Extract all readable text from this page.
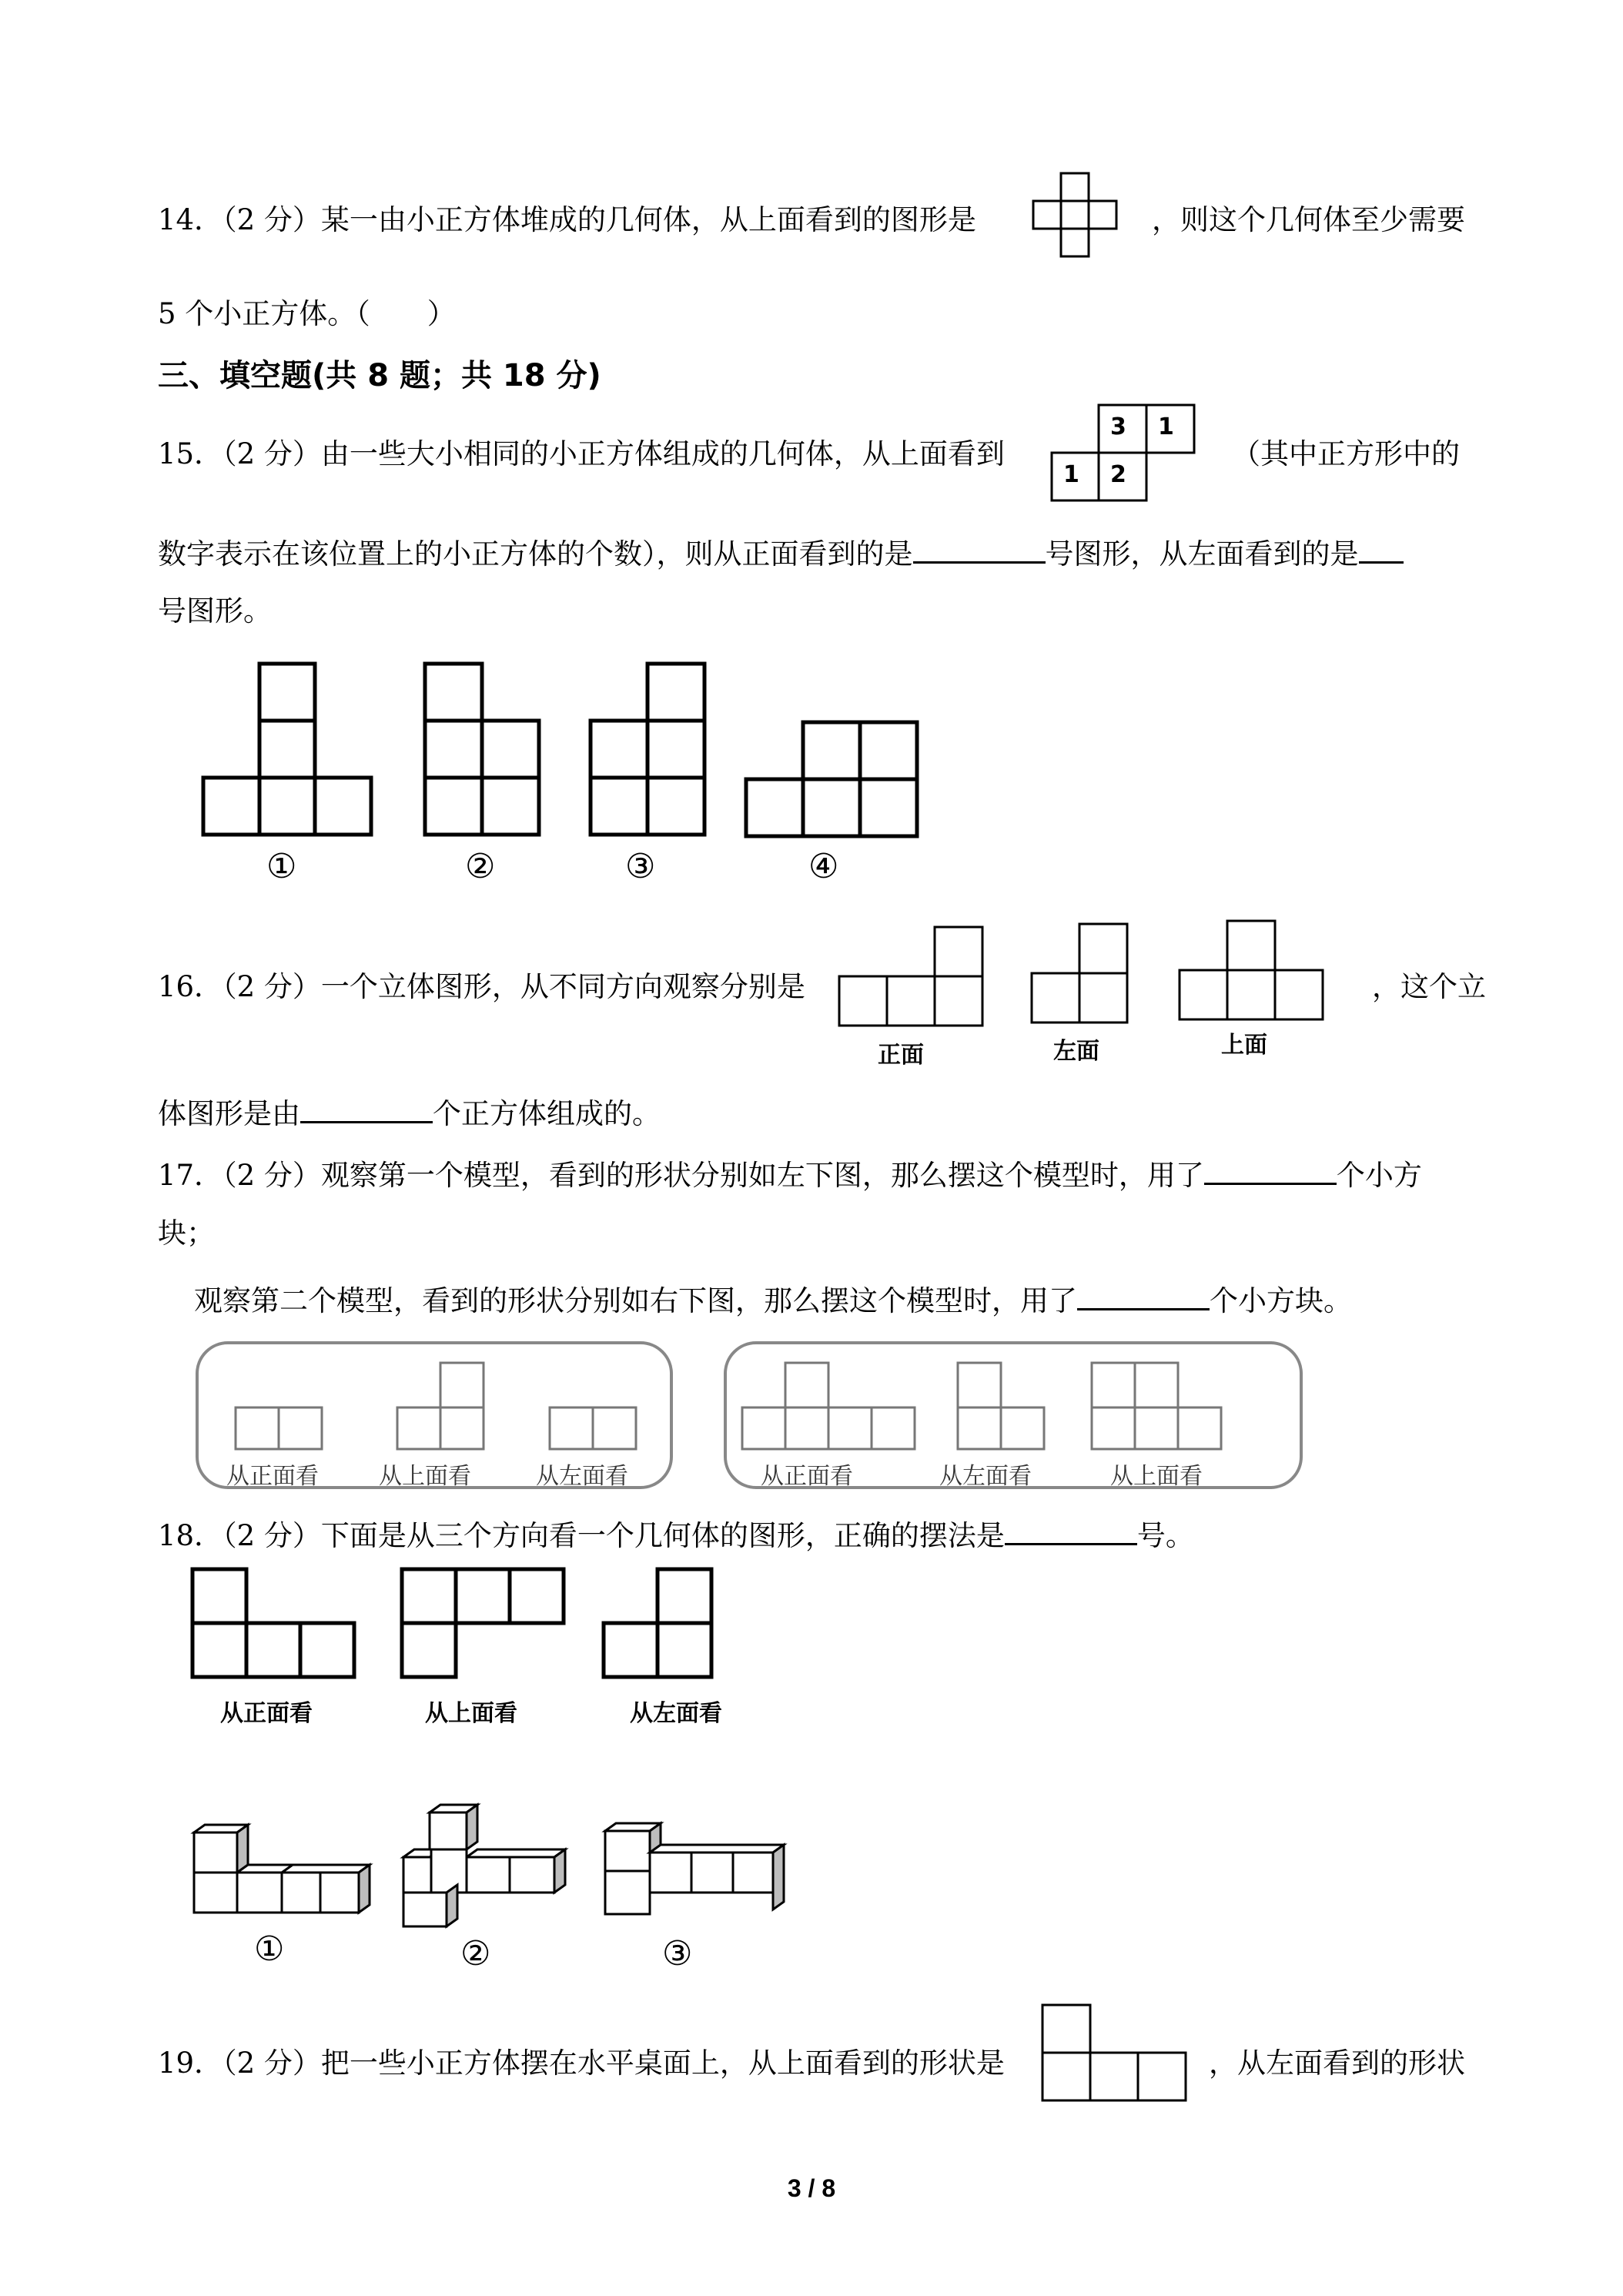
14．（2 分）某一由小正方体堆成的几何体，从上面看到的图形是	，则这个几何体至少需要
5 个小正方体。（　　）
三、填空题(共 8 题；共 18 分)
15．（2 分）由一些大小相同的小正方体组成的几何体，从上面看到
3 1
1 2
（其中正方形中的
数字表示在该位置上的小正方体的个数），则从正面看到的是	号图形，从左面看到的是
号图形。
①	②	③	④
16．（2 分）一个立体图形，从不同方向观察分别是
正面	左面	上面
，这个立
体图形是由	个正方体组成的。
17．（2 分）观察第一个模型，看到的形状分别如左下图，那么摆这个模型时，用了	个小方
块；
观察第二个模型，看到的形状分别如右下图，那么摆这个模型时，用了	个小方块。
从正面看	从上面看	从左面看	从正面看	从左面看	从上面看
18．（2 分）下面是从三个方向看一个几何体的图形，正确的摆法是	号。
从正面看	从上面看	从左面看
①	②	③
19．（2 分）把一些小正方体摆在水平桌面上，从上面看到的形状是	，从左面看到的形状
3 / 8
